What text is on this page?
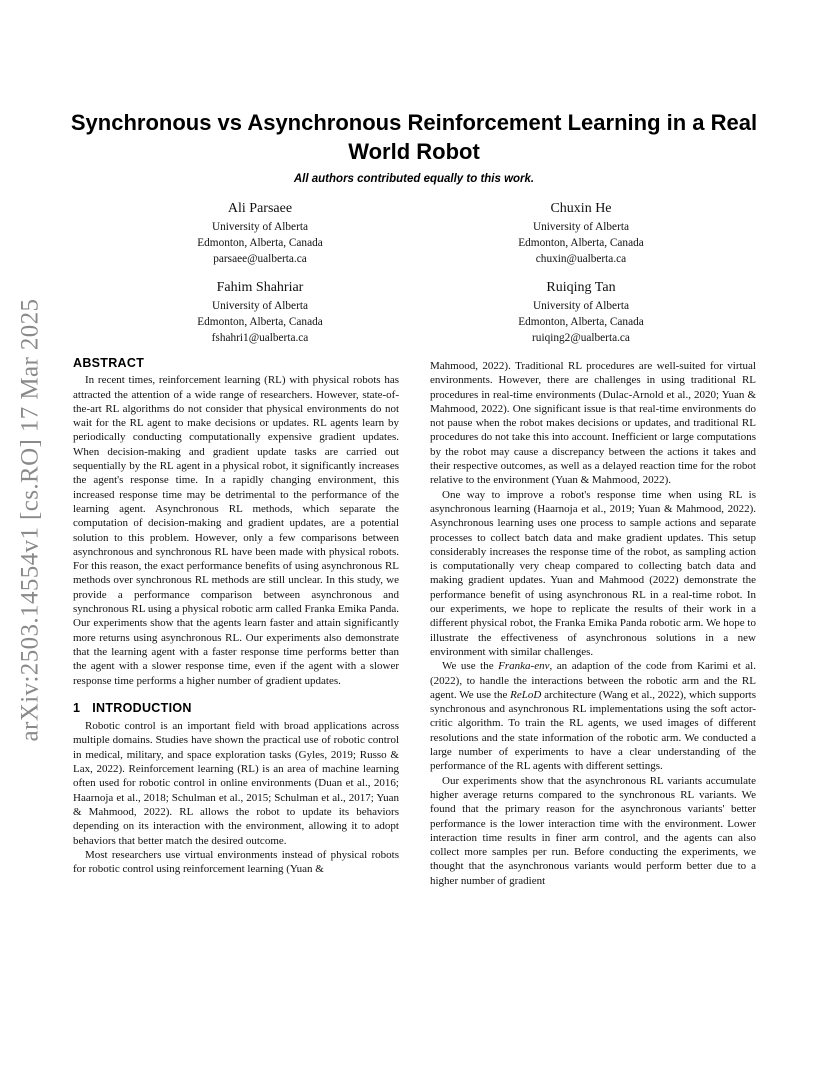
arXiv:2503.14554v1 [cs.RO] 17 Mar 2025
Synchronous vs Asynchronous Reinforcement Learning in a Real World Robot
All authors contributed equally to this work.
Ali Parsaee
University of Alberta
Edmonton, Alberta, Canada
parsaee@ualberta.ca
Chuxin He
University of Alberta
Edmonton, Alberta, Canada
chuxin@ualberta.ca
Fahim Shahriar
University of Alberta
Edmonton, Alberta, Canada
fshahri1@ualberta.ca
Ruiqing Tan
University of Alberta
Edmonton, Alberta, Canada
ruiqing2@ualberta.ca
ABSTRACT

In recent times, reinforcement learning (RL) with physical robots has attracted the attention of a wide range of researchers. However, state-of-the-art RL algorithms do not consider that physical environments do not wait for the RL agent to make decisions or updates. RL agents learn by periodically conducting computationally expensive gradient updates. When decision-making and gradient update tasks are carried out sequentially by the RL agent in a physical robot, it significantly increases the agent's response time. In a rapidly changing environment, this increased response time may be detrimental to the performance of the learning agent. Asynchronous RL methods, which separate the computation of decision-making and gradient updates, are a potential solution to this problem. However, only a few comparisons between asynchronous and synchronous RL have been made with physical robots. For this reason, the exact performance benefits of using asynchronous RL methods over synchronous RL methods are still unclear. In this study, we provide a performance comparison between asynchronous and synchronous RL using a physical robotic arm called Franka Emika Panda. Our experiments show that the agents learn faster and attain significantly more returns using asynchronous RL. Our experiments also demonstrate that the learning agent with a faster response time performs better than the agent with a slower response time, even if the agent with a slower response time performs a higher number of gradient updates.

1 INTRODUCTION

Robotic control is an important field with broad applications across multiple domains. Studies have shown the practical use of robotic control in medical, military, and space exploration tasks (Gyles, 2019; Russo & Lax, 2022). Reinforcement learning (RL) is an area of machine learning often used for robotic control in online environments (Duan et al., 2016; Haarnoja et al., 2018; Schulman et al., 2015; Schulman et al., 2017; Yuan & Mahmood, 2022). RL allows the robot to update its behaviors depending on its interaction with the environment, allowing it to adopt behaviors that better match the desired outcome.

Most researchers use virtual environments instead of physical robots for robotic control using reinforcement learning (Yuan &

Mahmood, 2022). Traditional RL procedures are well-suited for virtual environments. However, there are challenges in using traditional RL procedures in real-time environments (Dulac-Arnold et al., 2020; Yuan & Mahmood, 2022). One significant issue is that real-time environments do not pause when the robot makes decisions or updates, and traditional RL procedures do not take this into account. Inefficient or large computations by the robot may cause a discrepancy between the actions it takes and their respective outcomes, as well as a delayed reaction time for the robot relative to the environment (Yuan & Mahmood, 2022).

One way to improve a robot's response time when using RL is asynchronous learning (Haarnoja et al., 2019; Yuan & Mahmood, 2022). Asynchronous learning uses one process to sample actions and separate processes to collect batch data and make gradient updates. This setup considerably increases the response time of the robot, as sampling action is computationally very cheap compared to collecting batch data and making gradient updates. Yuan and Mahmood (2022) demonstrate the performance benefit of using asynchronous RL in a real-time robot. In our experiments, we hope to replicate the results of their work in a different physical robot, the Franka Emika Panda robotic arm. We hope to illustrate the effectiveness of asynchronous solutions in a new environment with similar challenges.

We use the Franka-env, an adaption of the code from Karimi et al. (2022), to handle the interactions between the robotic arm and the RL agent. We use the ReLoD architecture (Wang et al., 2022), which supports synchronous and asynchronous RL implementations using the soft actor-critic algorithm. To train the RL agents, we used images of different resolutions and the state information of the robotic arm. We conducted a large number of experiments to have a clear understanding of the performance of the RL agents with different settings.

Our experiments show that the asynchronous RL variants accumulate higher average returns compared to the synchronous RL variants. We found that the primary reason for the asynchronous variants' better performance is the lower interaction time with the environment. Lower interaction time results in finer arm control, and the agents can also collect more samples per run. Before conducting the experiments, we thought that the asynchronous variants would perform better due to a higher number of gradient
